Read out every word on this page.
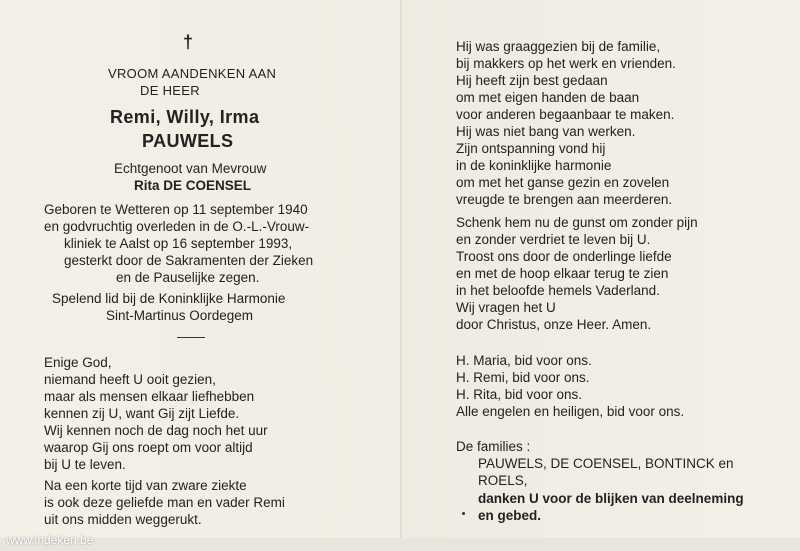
†
VROOM AANDENKEN AAN
DE HEER
Remi, Willy, Irma
PAUWELS
Echtgenoot van Mevrouw
Rita DE COENSEL
Geboren te Wetteren op 11 september 1940
en godvruchtig overleden in de O.-L.-Vrouw-
kliniek te Aalst op 16 september 1993,
gesterkt door de Sakramenten der Zieken
en de Pauselijke zegen.
Spelend lid bij de Koninklijke Harmonie
Sint-Martinus Oordegem
Enige God,
niemand heeft U ooit gezien,
maar als mensen elkaar liefhebben
kennen zij U, want Gij zijt Liefde.
Wij kennen noch de dag noch het uur
waarop Gij ons roept om voor altijd
bij U te leven.
Na een korte tijd van zware ziekte
is ook deze geliefde man en vader Remi
uit ons midden weggerukt.
Hij was graaggezien bij de familie,
bij makkers op het werk en vrienden.
Hij heeft zijn best gedaan
om met eigen handen de baan
voor anderen begaanbaar te maken.
Hij was niet bang van werken.
Zijn ontspanning vond hij
in de koninklijke harmonie
om met het ganse gezin en zovelen
vreugde te brengen aan meerderen.
Schenk hem nu de gunst om zonder pijn
en zonder verdriet te leven bij U.
Troost ons door de onderlinge liefde
en met de hoop elkaar terug te zien
in het beloofde hemels Vaderland.
Wij vragen het U
door Christus, onze Heer. Amen.
H. Maria, bid voor ons.
H. Remi, bid voor ons.
H. Rita, bid voor ons.
Alle engelen en heiligen, bid voor ons.
De families :
PAUWELS, DE COENSEL, BONTINCK en
ROELS,
danken U voor de blijken van deelneming
en gebed.
www.indeken.be
